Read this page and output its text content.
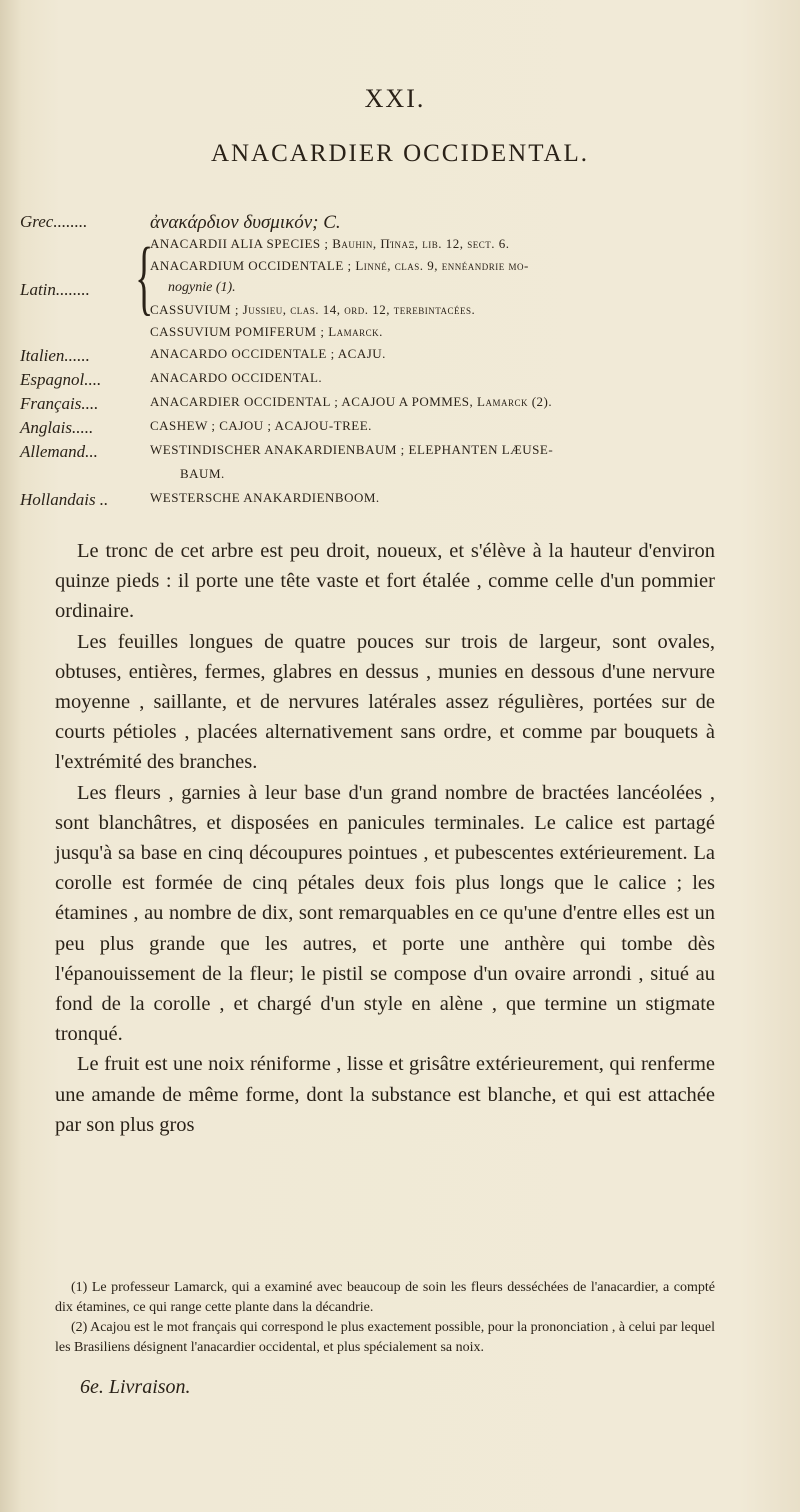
XXI.
ANACARDIER OCCIDENTAL.
Grec........	ἀνακάρδιον δυσμικόν; C.
Latin........ {
ANACARDII ALIA SPECIES ; Bauhin, Πίναξ, lib. 12, sect. 6.
ANACARDIUM OCCIDENTALE ; Linné, clas. 9, ennéandrie mo-
nogynie (1).
CASSUVIUM ; Jussieu, clas. 14, ord. 12, terebintacées.
CASSUVIUM POMIFERUM ; Lamarck.
Italien......	ANACARDO OCCIDENTALE ; ACAJU.
Espagnol....	ANACARDO OCCIDENTAL.
Français....	ANACARDIER OCCIDENTAL ; ACAJOU A POMMES, Lamarck (2).
Anglais.....	CASHEW ; CAJOU ; ACAJOU-TREE.
Allemand...	WESTINDISCHER ANAKARDIENBAUM ; ELEPHANTEN LÆUSE-
BAUM.
Hollandais ..	WESTERSCHE ANAKARDIENBOOM.

Le tronc de cet arbre est peu droit, noueux, et s'élève à la hauteur d'environ quinze pieds : il porte une tête vaste et fort étalée , comme celle d'un pommier ordinaire.

Les feuilles longues de quatre pouces sur trois de largeur, sont ovales, obtuses, entières, fermes, glabres en dessus , munies en dessous d'une nervure moyenne , saillante, et de nervures latérales assez régulières, portées sur de courts pétioles , placées alternativement sans ordre, et comme par bouquets à l'extrémité des branches.

Les fleurs , garnies à leur base d'un grand nombre de bractées lancéolées , sont blanchâtres, et disposées en panicules terminales. Le calice est partagé jusqu'à sa base en cinq découpures pointues , et pubescentes extérieurement. La corolle est formée de cinq pétales deux fois plus longs que le calice ; les étamines , au nombre de dix, sont remarquables en ce qu'une d'entre elles est un peu plus grande que les autres, et porte une anthère qui tombe dès l'épanouissement de la fleur; le pistil se compose d'un ovaire arrondi , situé au fond de la corolle , et chargé d'un style en alène , que termine un stigmate tronqué.

Le fruit est une noix réniforme , lisse et grisâtre extérieurement, qui renferme une amande de même forme, dont la substance est blanche, et qui est attachée par son plus gros

(1) Le professeur Lamarck, qui a examiné avec beaucoup de soin les fleurs desséchées de l'anacardier, a compté dix étamines, ce qui range cette plante dans la décandrie.

(2) Acajou est le mot français qui correspond le plus exactement possible, pour la prononciation , à celui par lequel les Brasiliens désignent l'anacardier occidental, et plus spécialement sa noix.

6e. Livraison.
